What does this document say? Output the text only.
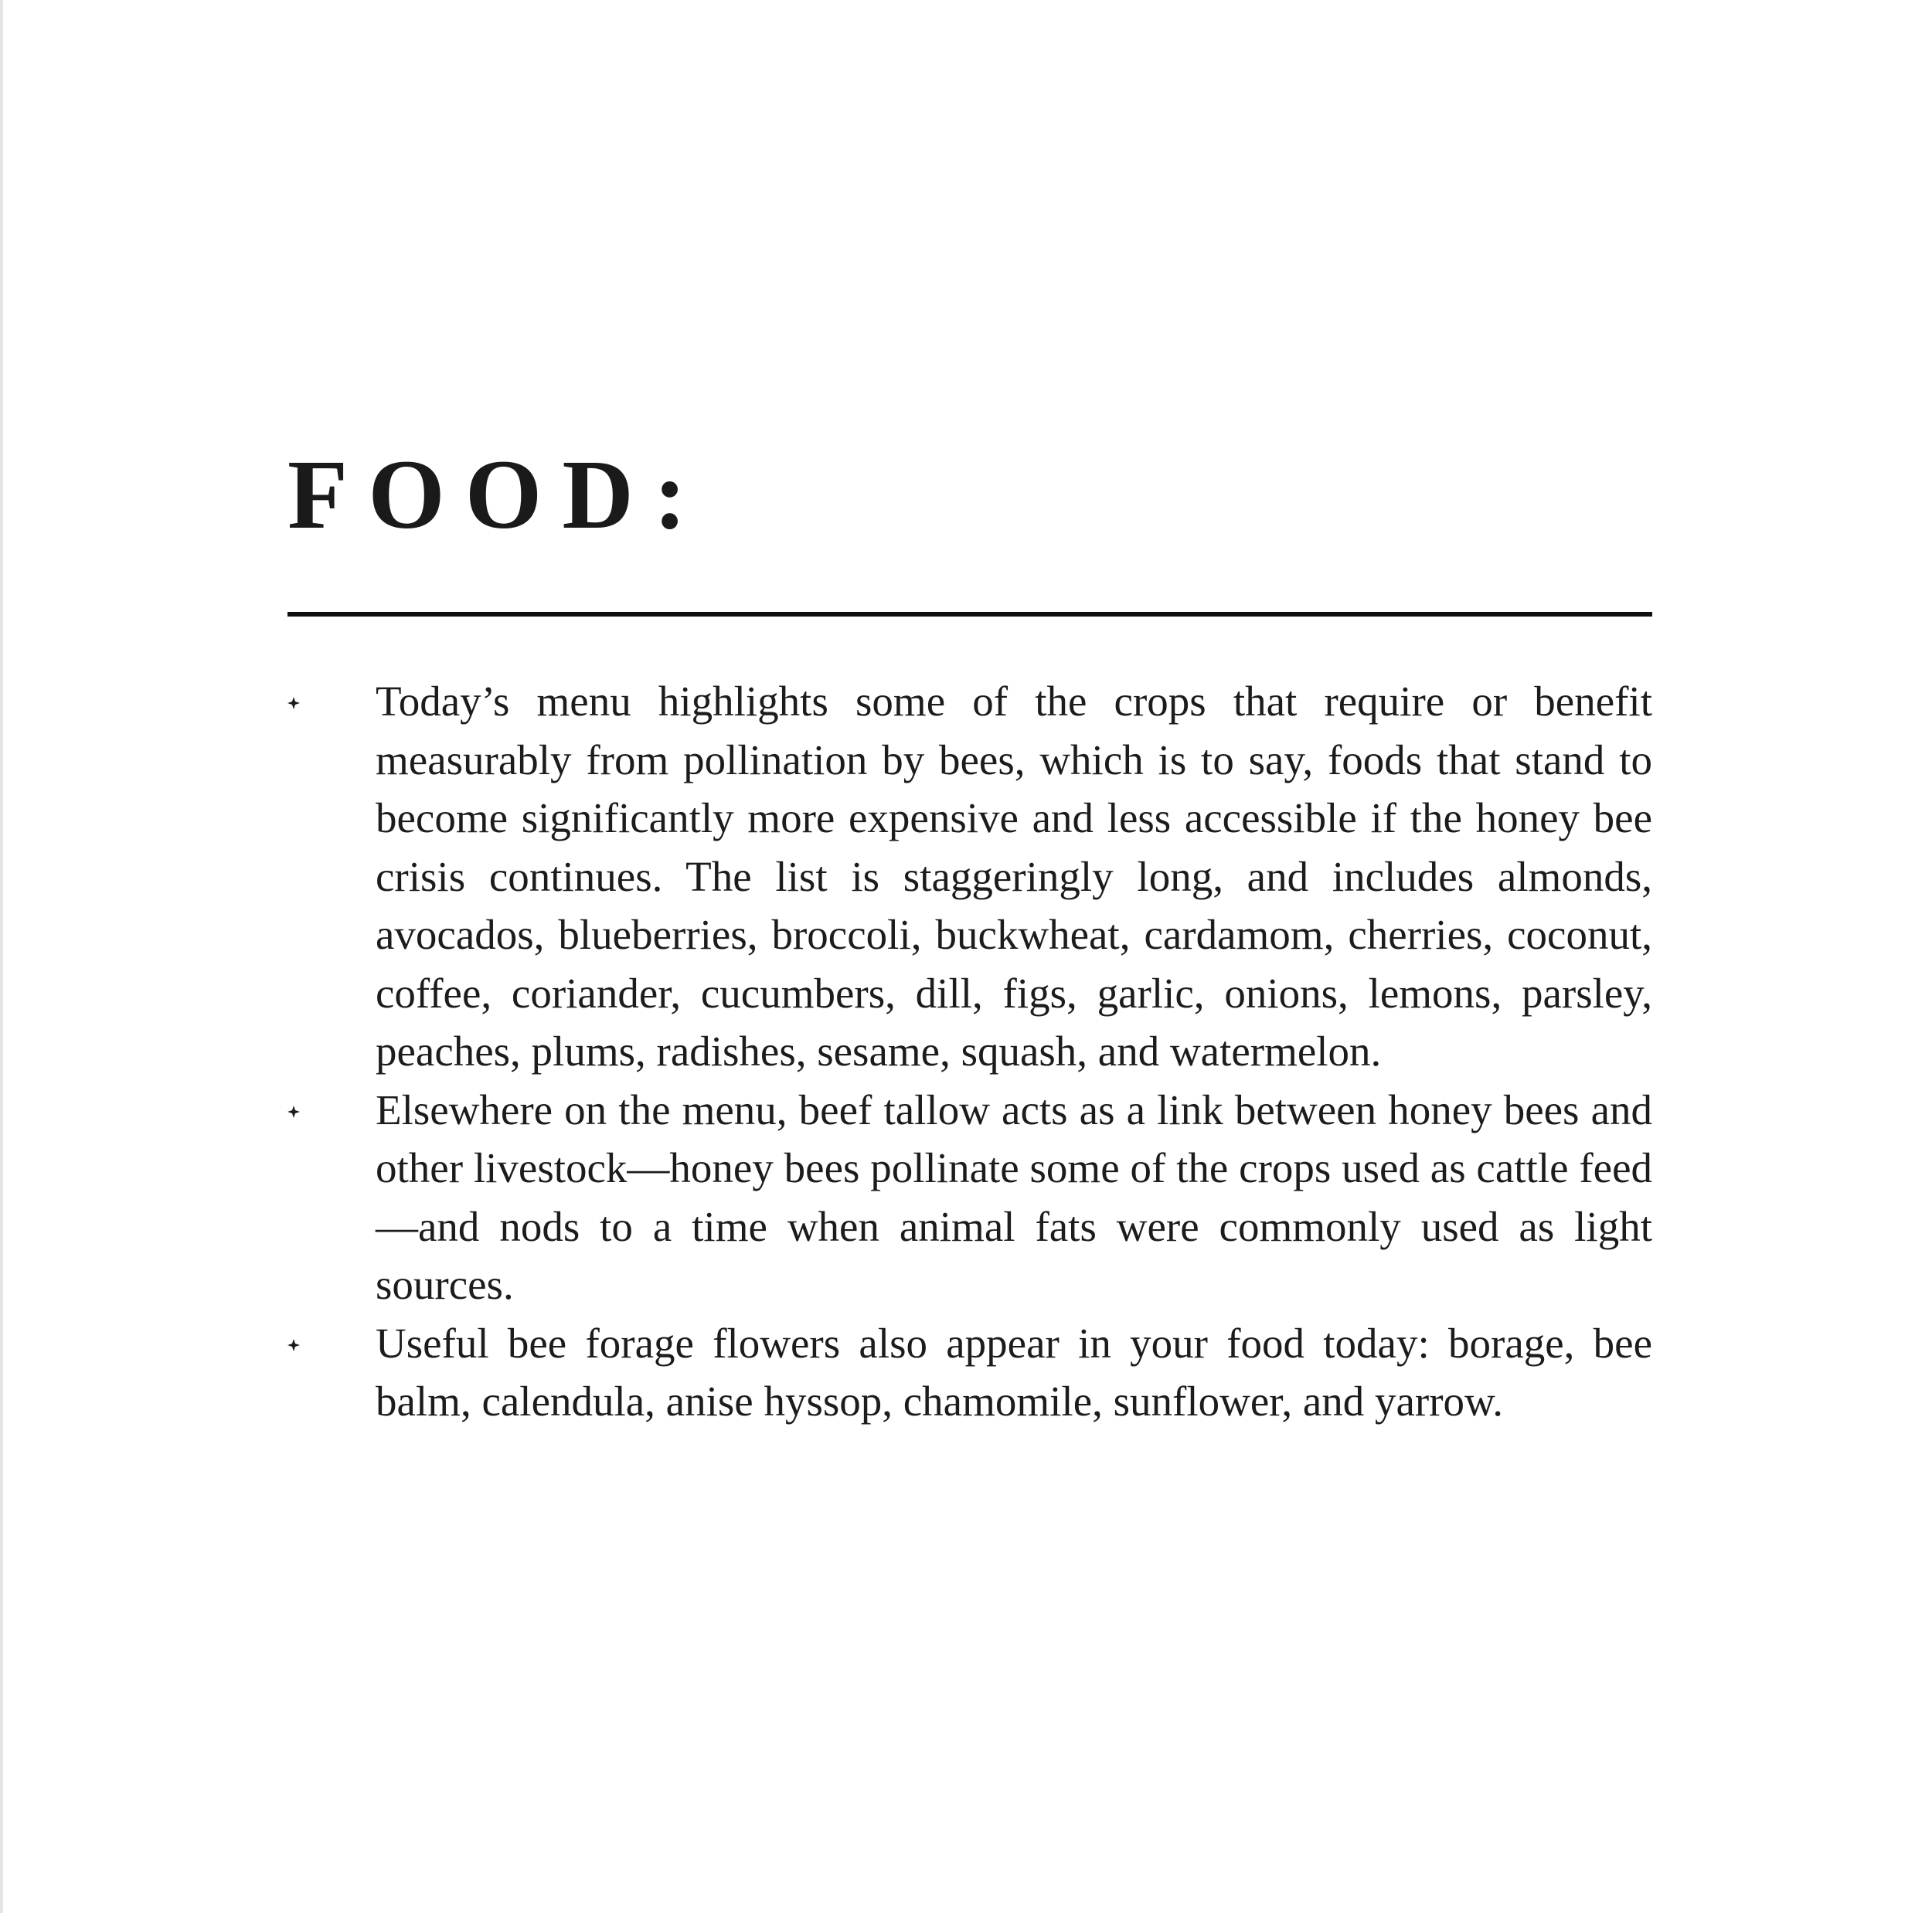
FOOD:
Today’s menu highlights some of the crops that require or benefit measurably from pollination by bees, which is to say, foods that stand to become significantly more expensive and less accessible if the honey bee crisis continues. The list is staggeringly long, and includes almonds, avocados, blueberries, broccoli, buckwheat, cardamom, cherries, coconut, coffee, coriander, cucumbers, dill, figs, garlic, onions, lemons, parsley, peaches, plums, radishes, sesame, squash, and watermelon.
Elsewhere on the menu, beef tallow acts as a link between honey bees and other livestock—honey bees pollinate some of the crops used as cattle feed—and nods to a time when animal fats were commonly used as light sources.
Useful bee forage flowers also appear in your food today: borage, bee balm, calendula, anise hyssop, chamomile, sunflower, and yarrow.
